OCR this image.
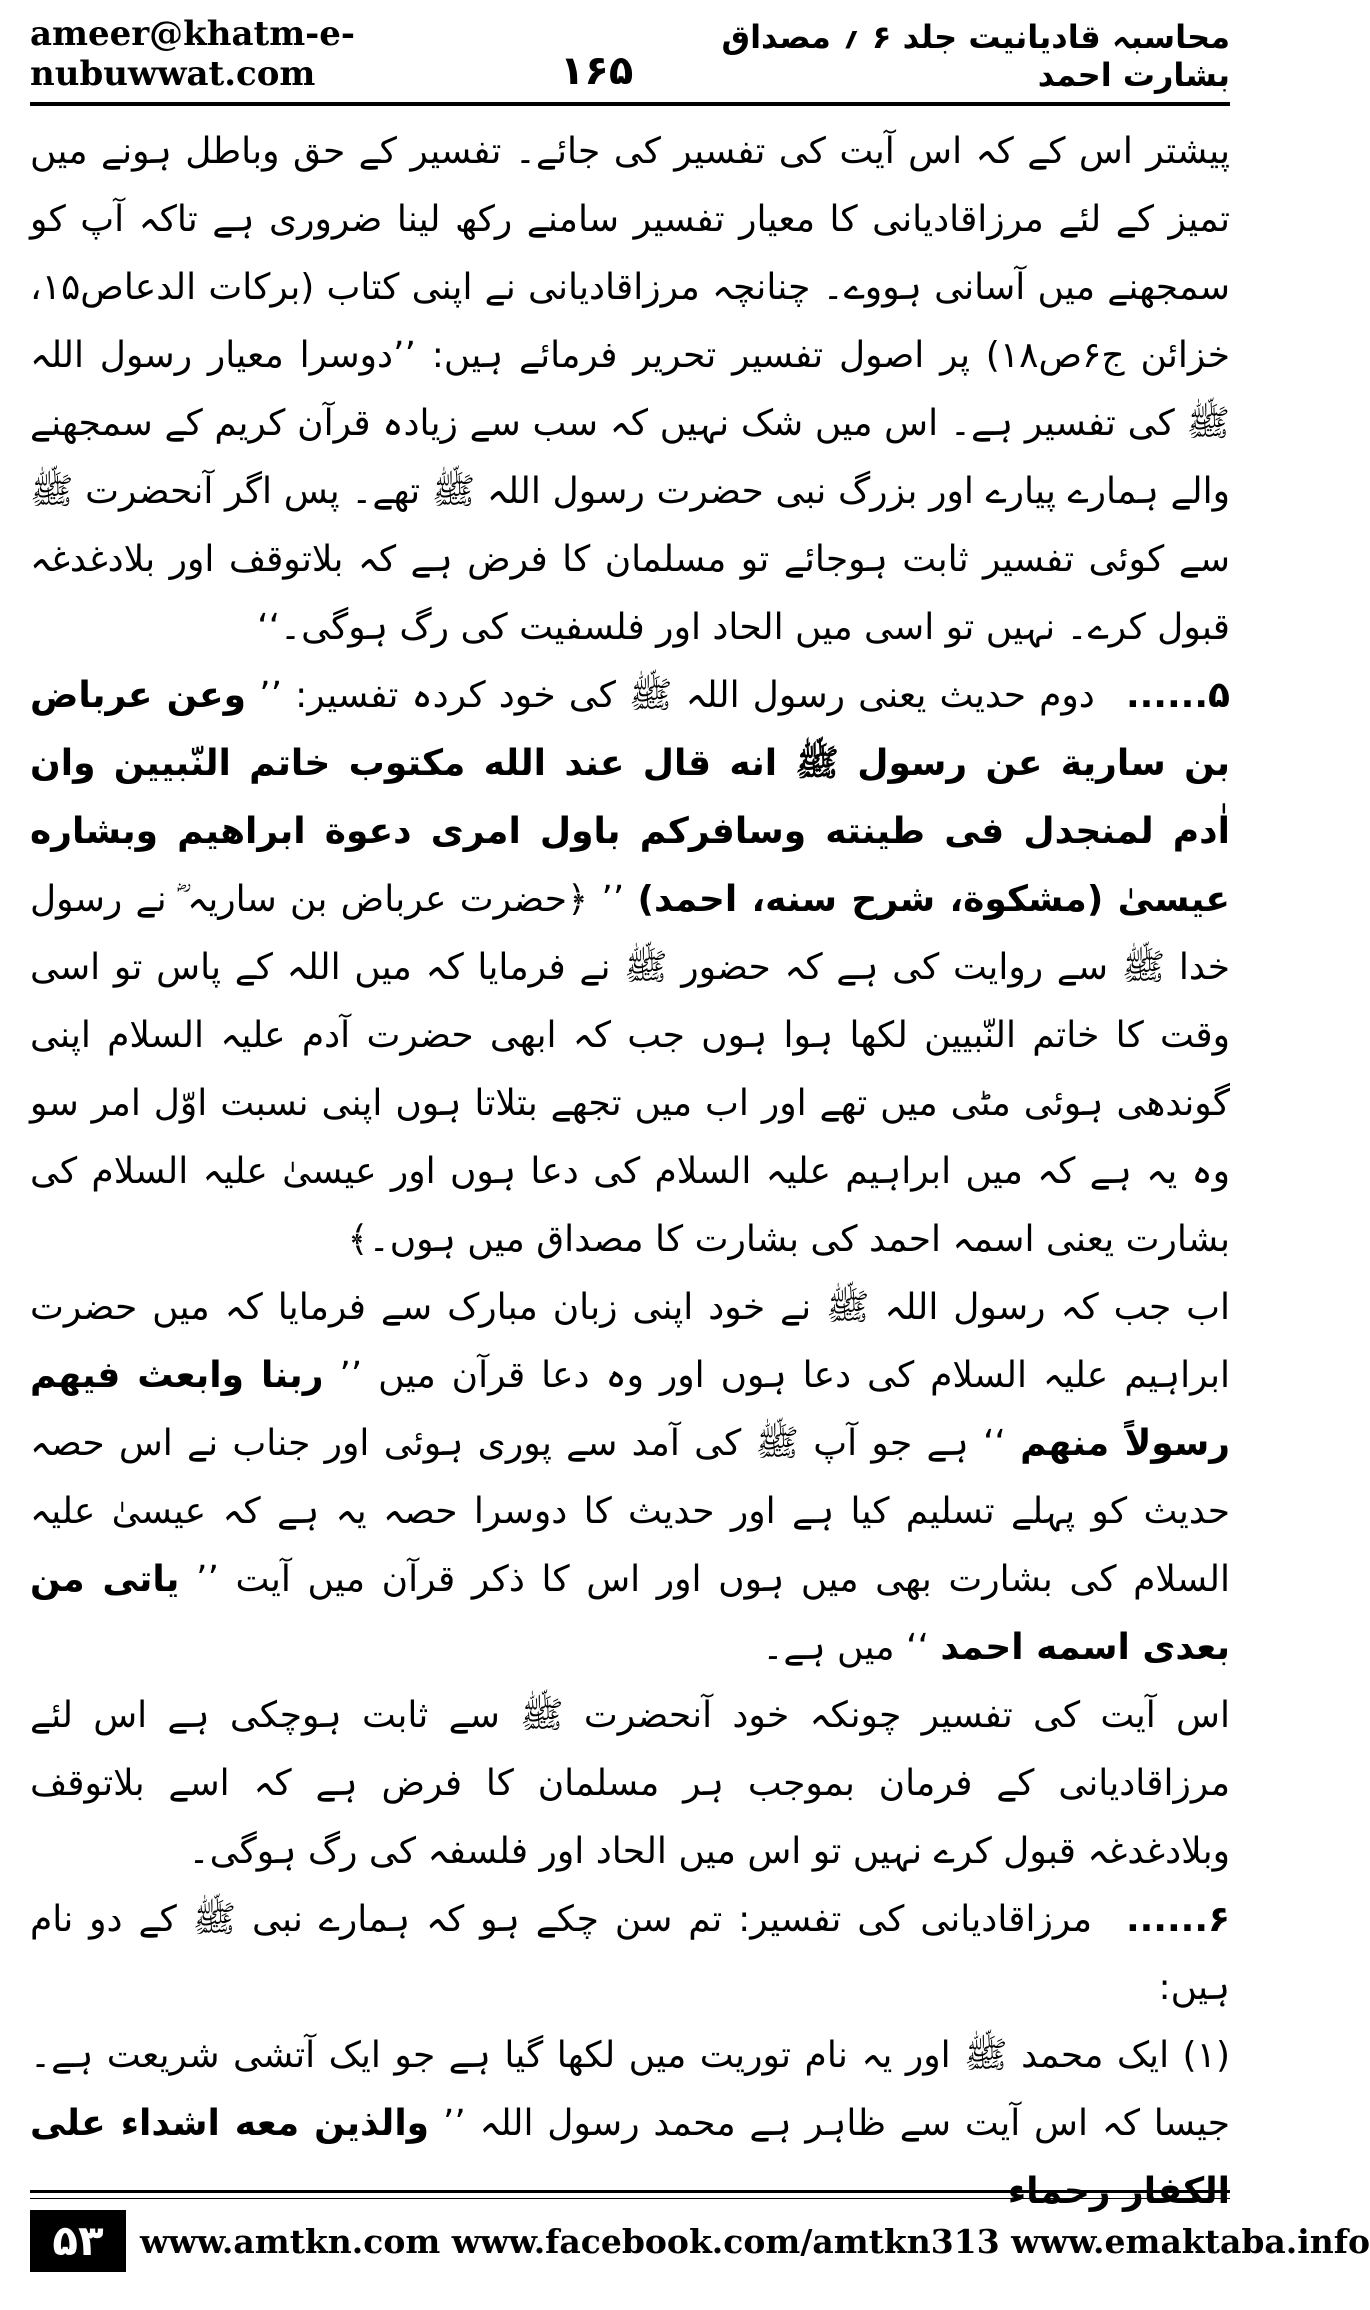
ameer@khatm-e-nubuwwat.com	۱۶۵
محاسبہ قادیانیت جلد ۶ ؍ مصداق بشارت احمد

پیشتر اس کے کہ اس آیت کی تفسیر کی جائے۔ تفسیر کے حق وباطل ہونے میں تمیز کے لئے مرزاقادیانی کا معیار تفسیر سامنے رکھ لینا ضروری ہے تاکہ آپ کو سمجھنے میں آسانی ہووے۔ چنانچہ مرزاقادیانی نے اپنی کتاب (برکات الدعاص۱۵، خزائن ج۶ص۱۸) پر اصول تفسیر تحریر فرمائے ہیں: ’’دوسرا معیار رسول اللہ ﷺ کی تفسیر ہے۔ اس میں شک نہیں کہ سب سے زیادہ قرآن کریم کے سمجھنے والے ہمارے پیارے اور بزرگ نبی حضرت رسول اللہ ﷺ تھے۔ پس اگر آنحضرت ﷺ سے کوئی تفسیر ثابت ہوجائے تو مسلمان کا فرض ہے کہ بلاتوقف اور بلادغدغہ قبول کرے۔ نہیں تو اسی میں الحاد اور فلسفیت کی رگ ہوگی۔‘‘

۵...... دوم حدیث یعنی رسول اللہ ﷺ کی خود کردہ تفسیر: ’’ وعن عرباض بن سارية عن رسول ﷺ انه قال عند الله مكتوب خاتم النّبيين وان اٰدم لمنجدل فى طينته وسافركم باول امرى دعوة ابراهيم وبشاره عيسىٰ (مشكوة، شرح سنه، احمد) ’’ ﴿حضرت عرباض بن ساریہ ؓ نے رسول خدا ﷺ سے روایت کی ہے کہ حضور ﷺ نے فرمایا کہ میں اللہ کے پاس تو اسی وقت کا خاتم النّبیین لکھا ہوا ہوں جب کہ ابھی حضرت آدم علیہ السلام اپنی گوندھی ہوئی مٹی میں تھے اور اب میں تجھے بتلاتا ہوں اپنی نسبت اوّل امر سو وہ یہ ہے کہ میں ابراہیم علیہ السلام کی دعا ہوں اور عیسیٰ علیہ السلام کی بشارت یعنی اسمہ احمد کی بشارت کا مصداق میں ہوں۔﴾

اب جب کہ رسول اللہ ﷺ نے خود اپنی زبان مبارک سے فرمایا کہ میں حضرت ابراہیم علیہ السلام کی دعا ہوں اور وہ دعا قرآن میں ’’ ربنا وابعث فيهم رسولاً منهم ‘‘ ہے جو آپ ﷺ کی آمد سے پوری ہوئی اور جناب نے اس حصہ حدیث کو پہلے تسلیم کیا ہے اور حدیث کا دوسرا حصہ یہ ہے کہ عیسیٰ علیہ السلام کی بشارت بھی میں ہوں اور اس کا ذکر قرآن میں آیت ’’ ياتى من بعدى اسمه احمد ‘‘ میں ہے۔

اس آیت کی تفسیر چونکہ خود آنحضرت ﷺ سے ثابت ہوچکی ہے اس لئے مرزاقادیانی کے فرمان بموجب ہر مسلمان کا فرض ہے کہ اسے بلاتوقف وبلادغدغہ قبول کرے نہیں تو اس میں الحاد اور فلسفہ کی رگ ہوگی۔

۶...... مرزاقادیانی کی تفسیر: تم سن چکے ہو کہ ہمارے نبی ﷺ کے دو نام ہیں:

(۱) ایک محمد ﷺ اور یہ نام توریت میں لکھا گیا ہے جو ایک آتشی شریعت ہے۔ جیسا کہ اس آیت سے ظاہر ہے محمد رسول اللہ ’’ والذين معه اشداء على الكفار رحماء

۵۳	www.amtkn.com www.facebook.com/amtkn313 www.emaktaba.info
